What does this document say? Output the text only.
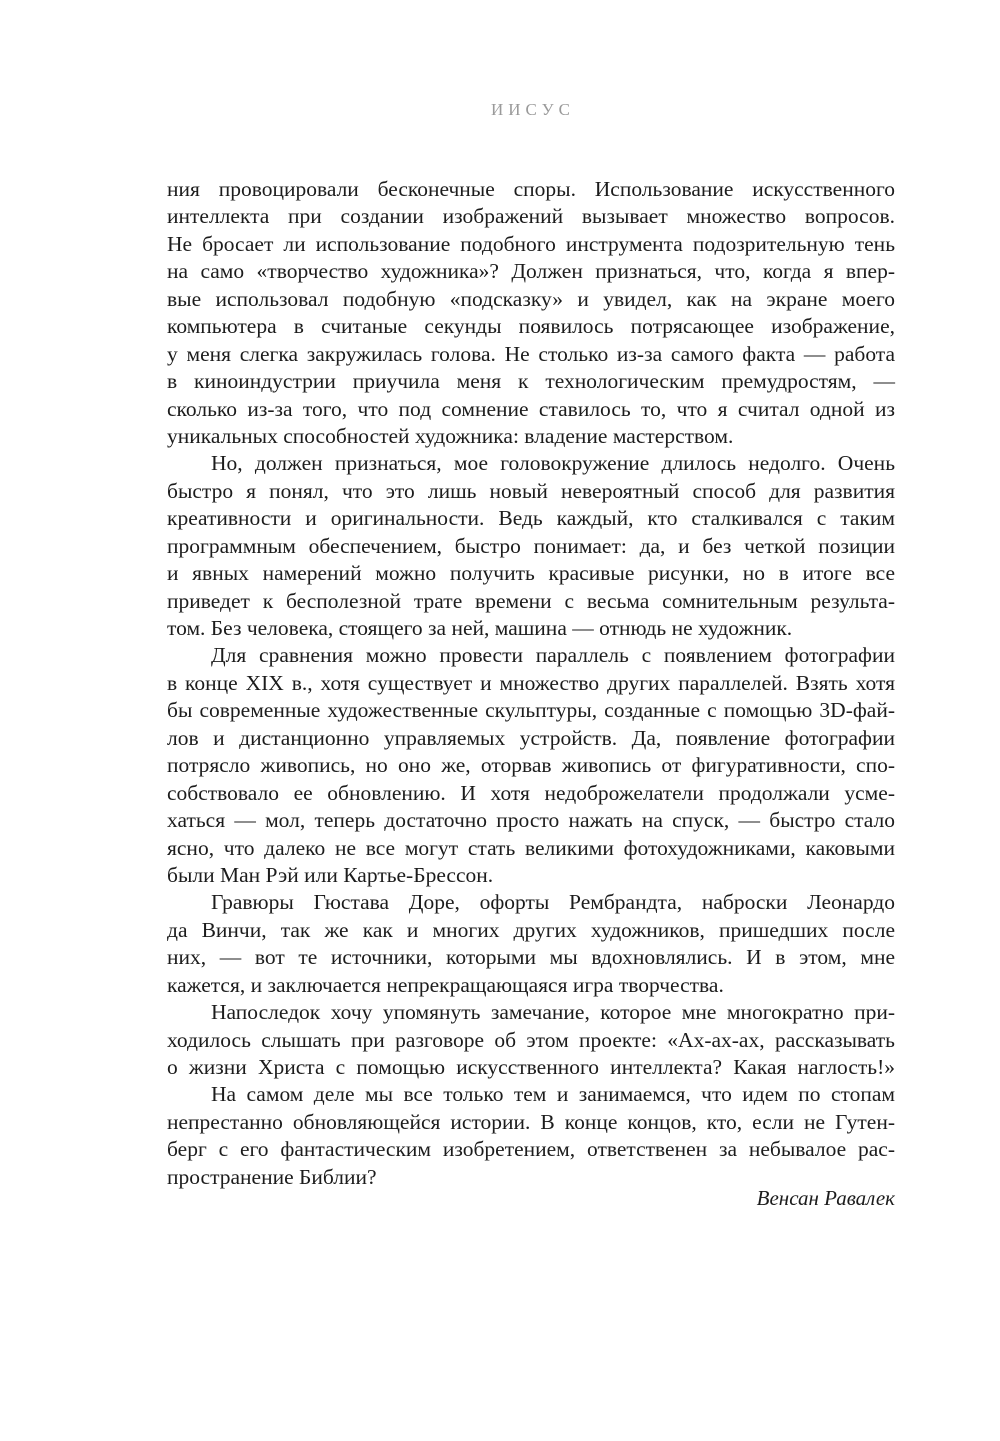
ИИСУС
ния провоцировали бесконечные споры. Использование искусственного
интеллекта при создании изображений вызывает множество вопросов.
Не бросает ли использование подобного инструмента подозрительную тень
на само «творчество художника»? Должен признаться, что, когда я впер-
вые использовал подобную «подсказку» и увидел, как на экране моего
компьютера в считаные секунды появилось потрясающее изображение,
у меня слегка закружилась голова. Не столько из-за самого факта — работа
в киноиндустрии приучила меня к технологическим премудростям, —
сколько из-за того, что под сомнение ставилось то, что я считал одной из
уникальных способностей художника: владение мастерством.
Но, должен признаться, мое головокружение длилось недолго. Очень
быстро я понял, что это лишь новый невероятный способ для развития
креативности и оригинальности. Ведь каждый, кто сталкивался с таким
программным обеспечением, быстро понимает: да, и без четкой позиции
и явных намерений можно получить красивые рисунки, но в итоге все
приведет к бесполезной трате времени с весьма сомнительным результа-
том. Без человека, стоящего за ней, машина — отнюдь не художник.
Для сравнения можно провести параллель с появлением фотографии
в конце XIX в., хотя существует и множество других параллелей. Взять хотя
бы современные художественные скульптуры, созданные с помощью 3D-фай-
лов и дистанционно управляемых устройств. Да, появление фотографии
потрясло живопись, но оно же, оторвав живопись от фигуративности, спо-
собствовало ее обновлению. И хотя недоброжелатели продолжали усме-
хаться — мол, теперь достаточно просто нажать на спуск, — быстро стало
ясно, что далеко не все могут стать великими фотохудожниками, каковыми
были Ман Рэй или Картье-Брессон.
Гравюры Гюстава Доре, офорты Рембрандта, наброски Леонардо
да Винчи, так же как и многих других художников, пришедших после
них, — вот те источники, которыми мы вдохновлялись. И в этом, мне
кажется, и заключается непрекращающаяся игра творчества.
Напоследок хочу упомянуть замечание, которое мне многократно при-
ходилось слышать при разговоре об этом проекте: «Ах-ах-ах, рассказывать
о жизни Христа с помощью искусственного интеллекта? Какая наглость!»
На самом деле мы все только тем и занимаемся, что идем по стопам
непрестанно обновляющейся истории. В конце концов, кто, если не Гутен-
берг с его фантастическим изобретением, ответственен за небывалое рас-
пространение Библии?
Венсан Равалек
